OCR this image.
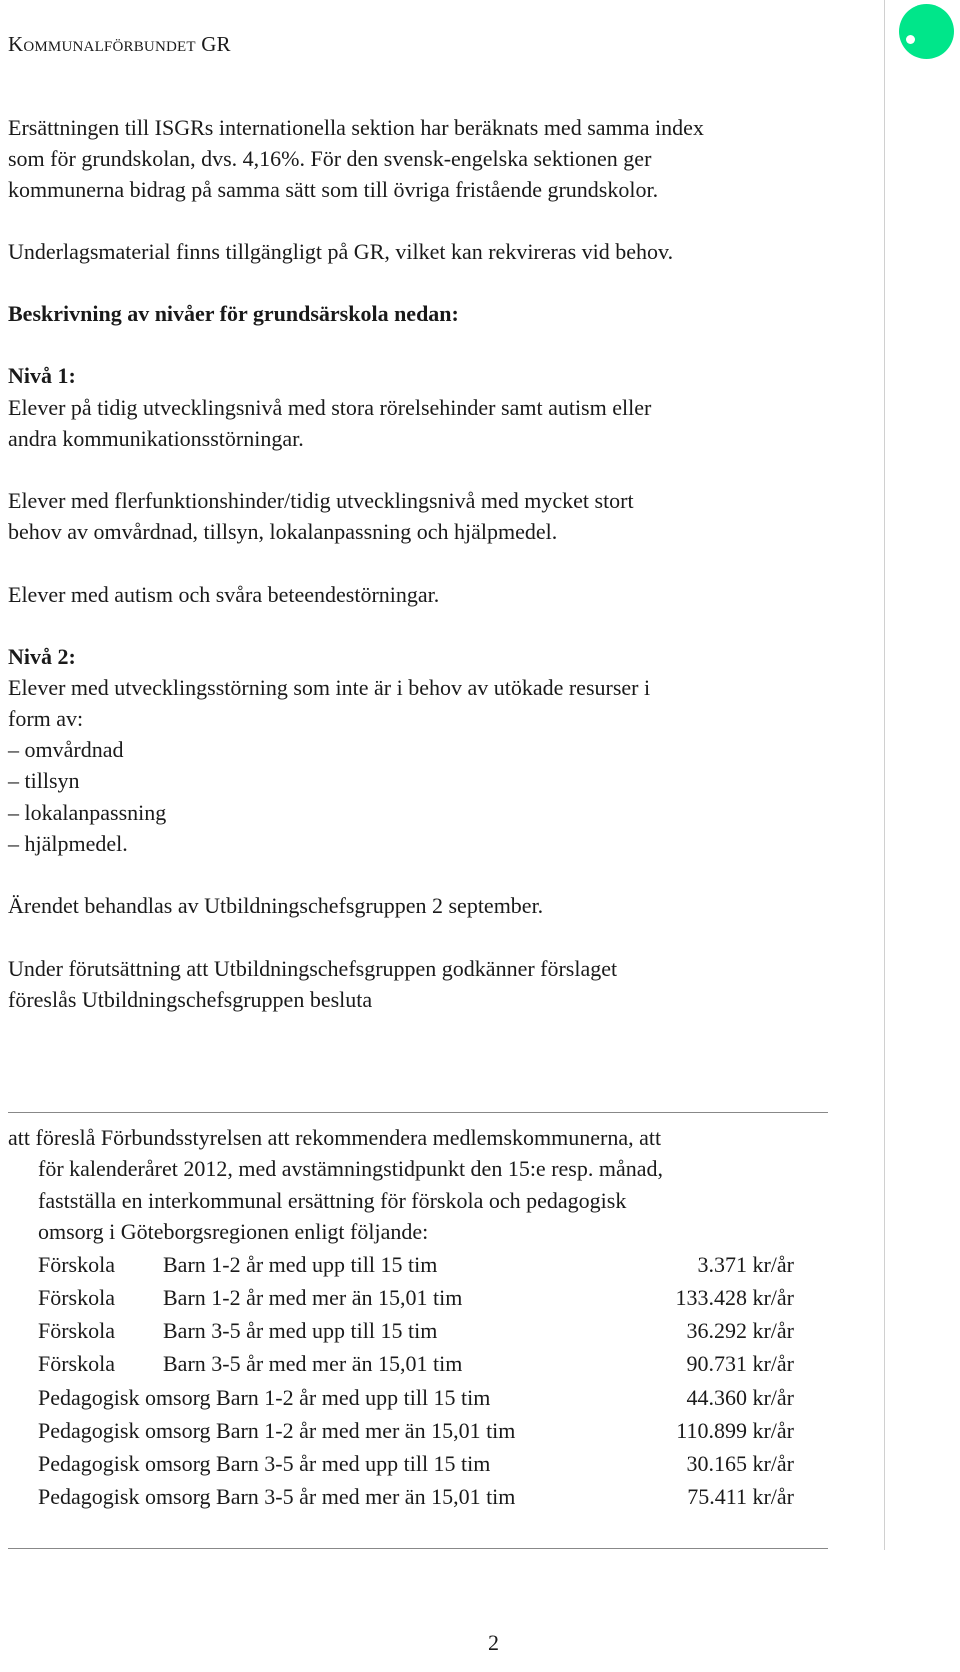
Kommunalförbundet GR
Ersättningen till ISGRs internationella sektion har beräknats med samma index
som för grundskolan, dvs. 4,16%. För den svensk-engelska sektionen ger
kommunerna bidrag på samma sätt som till övriga fristående grundskolor.
Underlagsmaterial finns tillgängligt på GR, vilket kan rekvireras vid behov.
Beskrivning av nivåer för grundsärskola nedan:
Nivå 1:
Elever på tidig utvecklingsnivå med stora rörelsehinder samt autism eller
andra kommunikationsstörningar.
Elever med flerfunktionshinder/tidig utvecklingsnivå med mycket stort
behov av omvårdnad, tillsyn, lokalanpassning och hjälpmedel.
Elever med autism och svåra beteendestörningar.
Nivå 2:
Elever med utvecklingsstörning som inte är i behov av utökade resurser i
form av:
– omvårdnad
– tillsyn
– lokalanpassning
– hjälpmedel.
Ärendet behandlas av Utbildningschefsgruppen 2 september.
Under förutsättning att Utbildningschefsgruppen godkänner förslaget
föreslås Utbildningschefsgruppen besluta
att föreslå Förbundsstyrelsen att rekommendera medlemskommunerna, att
för kalenderåret 2012, med avstämningstidpunkt den 15:e resp. månad,
fastställa en interkommunal ersättning för förskola och pedagogisk
omsorg i Göteborgsregionen enligt följande:
Förskola Barn 1-2 år med upp till 15 tim	3.371 kr/år
Förskola Barn 1-2 år med mer än 15,01 tim	133.428 kr/år
Förskola Barn 3-5 år med upp till 15 tim	36.292 kr/år
Förskola Barn 3-5 år med mer än 15,01 tim	90.731 kr/år
Pedagogisk omsorg Barn 1-2 år med upp till 15 tim	44.360 kr/år
Pedagogisk omsorg Barn 1-2 år med mer än 15,01 tim	110.899 kr/år
Pedagogisk omsorg Barn 3-5 år med upp till 15 tim	30.165 kr/år
Pedagogisk omsorg Barn 3-5 år med mer än 15,01 tim	75.411 kr/år
2
